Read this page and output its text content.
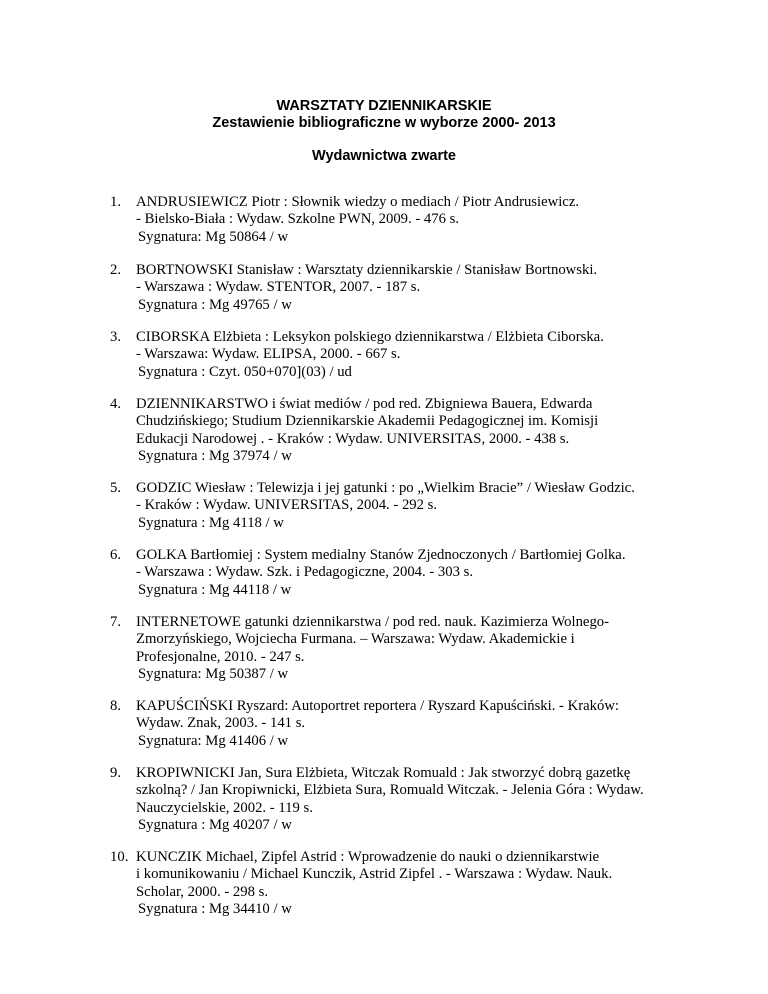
WARSZTATY DZIENNIKARSKIE
Zestawienie bibliograficzne w wyborze 2000- 2013
Wydawnictwa zwarte
1. ANDRUSIEWICZ Piotr : Słownik wiedzy o mediach / Piotr Andrusiewicz.
- Bielsko-Biała : Wydaw. Szkolne PWN, 2009. - 476 s.
Sygnatura: Mg 50864 / w
2. BORTNOWSKI Stanisław : Warsztaty dziennikarskie / Stanisław Bortnowski.
- Warszawa : Wydaw. STENTOR, 2007. - 187 s.
Sygnatura : Mg 49765 / w
3. CIBORSKA Elżbieta : Leksykon polskiego dziennikarstwa / Elżbieta Ciborska.
- Warszawa: Wydaw. ELIPSA, 2000. - 667 s.
Sygnatura : Czyt. 050+070](03) / ud
4. DZIENNIKARSTWO i świat mediów / pod red. Zbigniewa Bauera, Edwarda
Chudzińskiego; Studium Dziennikarskie Akademii Pedagogicznej im. Komisji
Edukacji Narodowej . - Kraków : Wydaw. UNIVERSITAS, 2000. - 438 s.
Sygnatura : Mg 37974 / w
5. GODZIC Wiesław : Telewizja i jej gatunki : po „Wielkim Bracie” / Wiesław Godzic.
- Kraków : Wydaw. UNIVERSITAS, 2004. - 292 s.
Sygnatura : Mg 4118 / w
6. GOLKA Bartłomiej : System medialny Stanów Zjednoczonych / Bartłomiej Golka.
- Warszawa : Wydaw. Szk. i Pedagogiczne, 2004. - 303 s.
Sygnatura : Mg 44118 / w
7. INTERNETOWE gatunki dziennikarstwa / pod red. nauk. Kazimierza Wolnego-
Zmorzyńskiego, Wojciecha Furmana. – Warszawa: Wydaw. Akademickie i
Profesjonalne, 2010. - 247 s.
Sygnatura: Mg 50387 / w
8. KAPUŚCIŃSKI Ryszard: Autoportret reportera / Ryszard Kapuściński. - Kraków:
Wydaw. Znak, 2003. - 141 s.
Sygnatura: Mg 41406 / w
9. KROPIWNICKI Jan, Sura Elżbieta, Witczak Romuald : Jak stworzyć dobrą gazetkę
szkolną? / Jan Kropiwnicki, Elżbieta Sura, Romuald Witczak. - Jelenia Góra : Wydaw.
Nauczycielskie, 2002. - 119 s.
Sygnatura : Mg 40207 / w
10. KUNCZIK Michael, Zipfel Astrid : Wprowadzenie do nauki o dziennikarstwie
i komunikowaniu / Michael Kunczik, Astrid Zipfel . - Warszawa : Wydaw. Nauk.
Scholar, 2000. - 298 s.
Sygnatura : Mg 34410 / w
